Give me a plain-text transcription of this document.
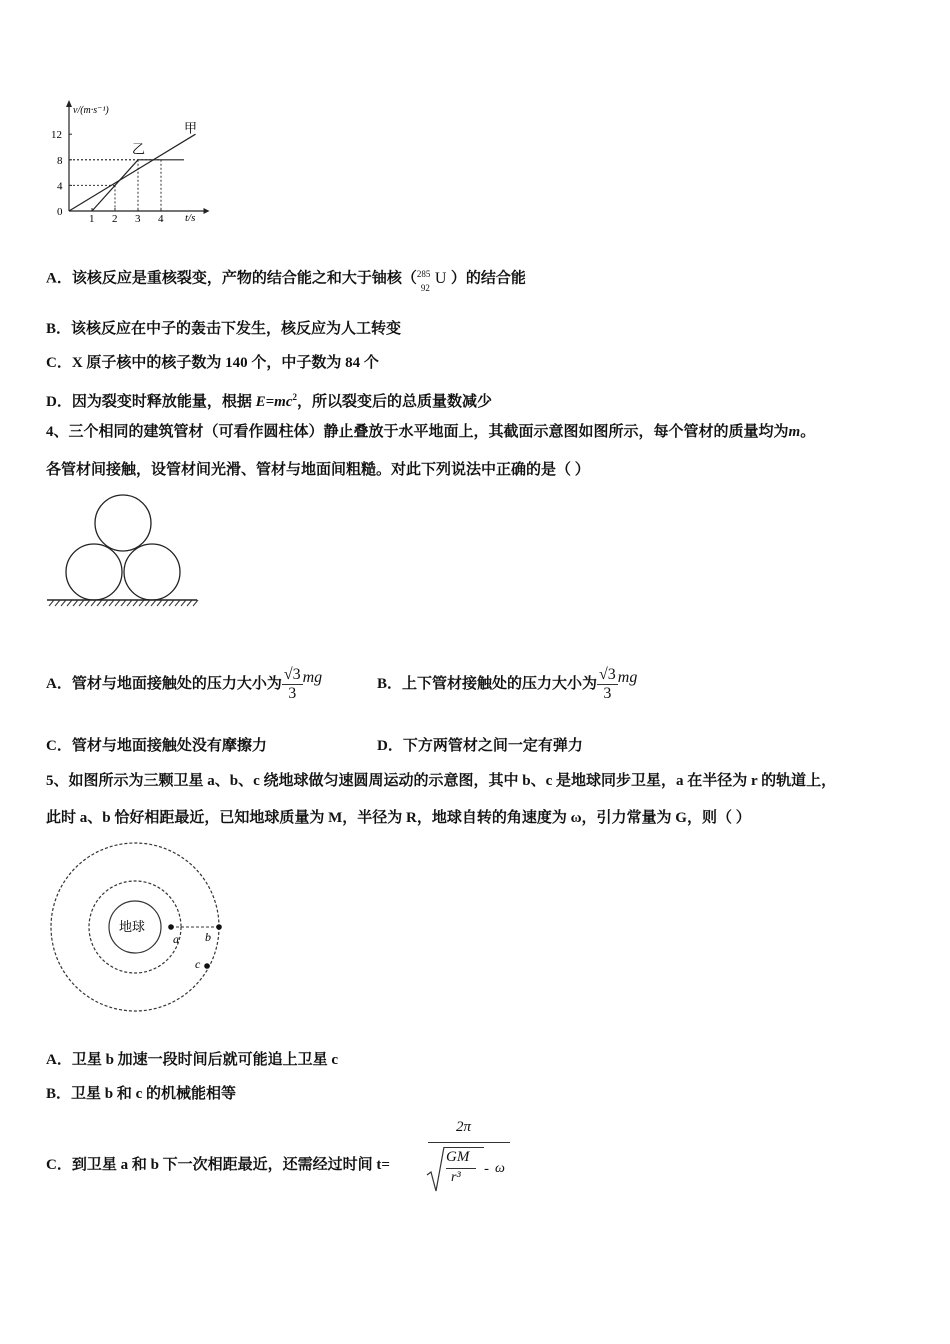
1 2 3 4
12
8
4
甲
乙
v/(m·s⁻¹)
t/s
0
A．该核反应是重核裂变，产物的结合能之和大于铀核（ 285
92
U ）的结合能
B．该核反应在中子的轰击下发生，核反应为人工转变
C．X 原子核中的核子数为 140 个，中子数为 84 个
D．因为裂变时释放能量，根据 $E=mc^2$，所以裂变后的总质量数减少
4、三个相同的建筑管材（可看作圆柱体）静止叠放于水平地面上，其截面示意图如图所示，每个管材的质量均为m。
各管材间接触，设管材间光滑、管材与地面间粗糙。对此下列说法中正确的是（ ）
A．管材与地面接触处的压力大小为 $\frac{√3}{3}$ mg	B．上下管材接触处的压力大小为 $\frac{√3}{3}$ mg
C．管材与地面接触处没有摩擦力	D．下方两管材之间一定有弹力
5、如图所示为三颗卫星 a、b、c 绕地球做匀速圆周运动的示意图，其中 b、c 是地球同步卫星，a 在半径为 r 的轨道上，
此时 a、b 恰好相距最近，已知地球质量为 M，半径为 R，地球自转的角速度为 ω，引力常量为 G，则（ ）
地球
a b
c
A．卫星 b 加速一段时间后就可能追上卫星 c
B．卫星 b 和 c 的机械能相等
C．到卫星 a 和 b 下一次相距最近，还需经过时间 t=
2π
GM
r³
- ω
